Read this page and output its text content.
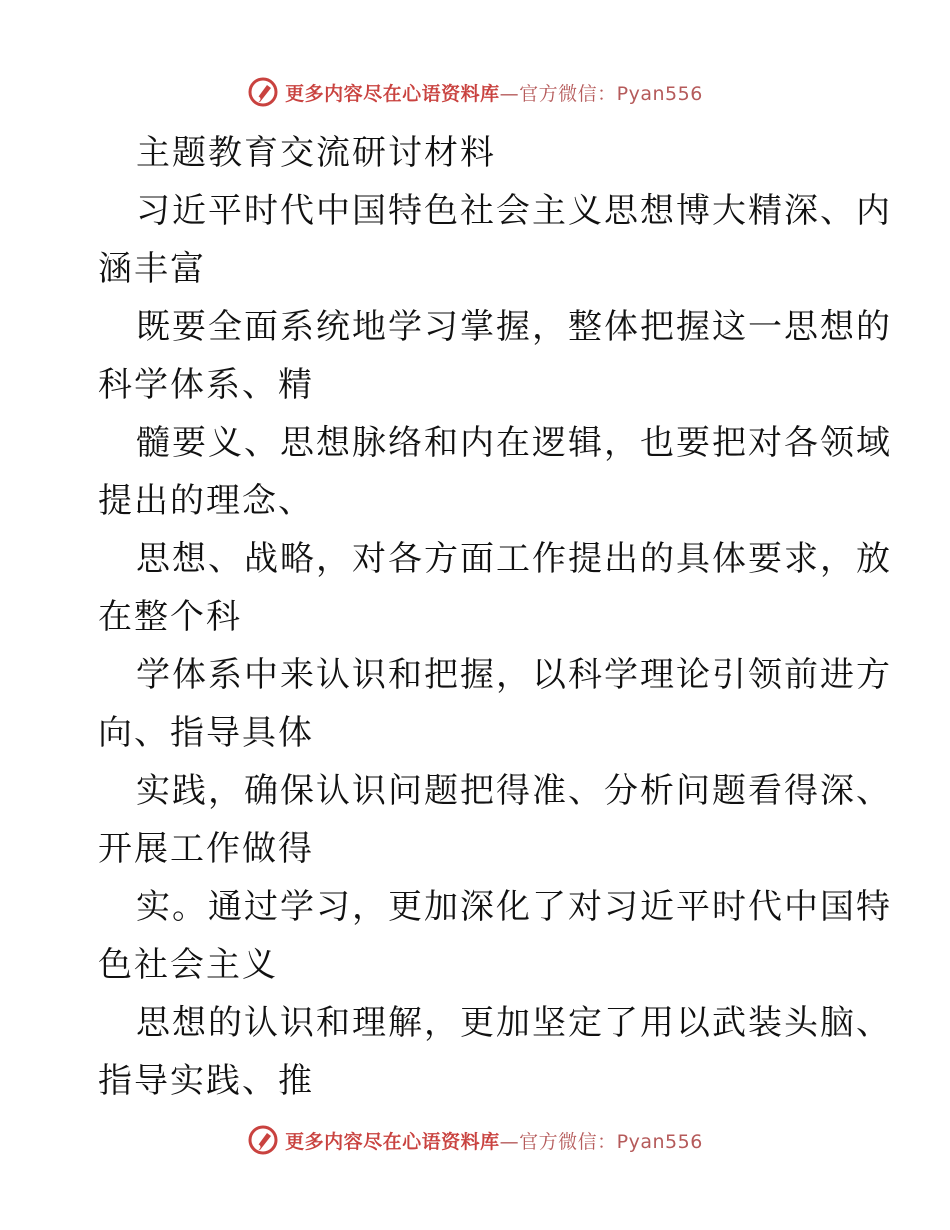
更多内容尽在心语资料库—官方微信：Pyan556
主题教育交流研讨材料
习近平时代中国特色社会主义思想博大精深、内
涵丰富
既要全面系统地学习掌握，整体把握这一思想的
科学体系、精
髓要义、思想脉络和内在逻辑，也要把对各领域
提出的理念、
思想、战略，对各方面工作提出的具体要求，放
在整个科
学体系中来认识和把握，以科学理论引领前进方
向、指导具体
实践，确保认识问题把得准、分析问题看得深、
开展工作做得
实。通过学习，更加深化了对习近平时代中国特
色社会主义
思想的认识和理解，更加坚定了用以武装头脑、
指导实践、推
更多内容尽在心语资料库—官方微信：Pyan556
